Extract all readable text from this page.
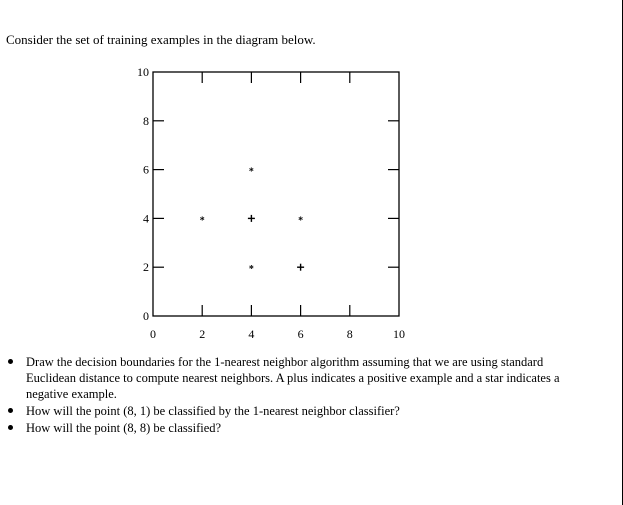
Consider the set of training examples in the diagram below.
0	2	4	6	8	10
0
2
4
6
8
10
*
*	*
*
Draw the decision boundaries for the 1-nearest neighbor algorithm assuming that we are using standard Euclidean distance to compute nearest neighbors. A plus indicates a positive example and a star indicates a negative example.
How will the point (8, 1) be classified by the 1-nearest neighbor classifier?
How will the point (8, 8) be classified?
